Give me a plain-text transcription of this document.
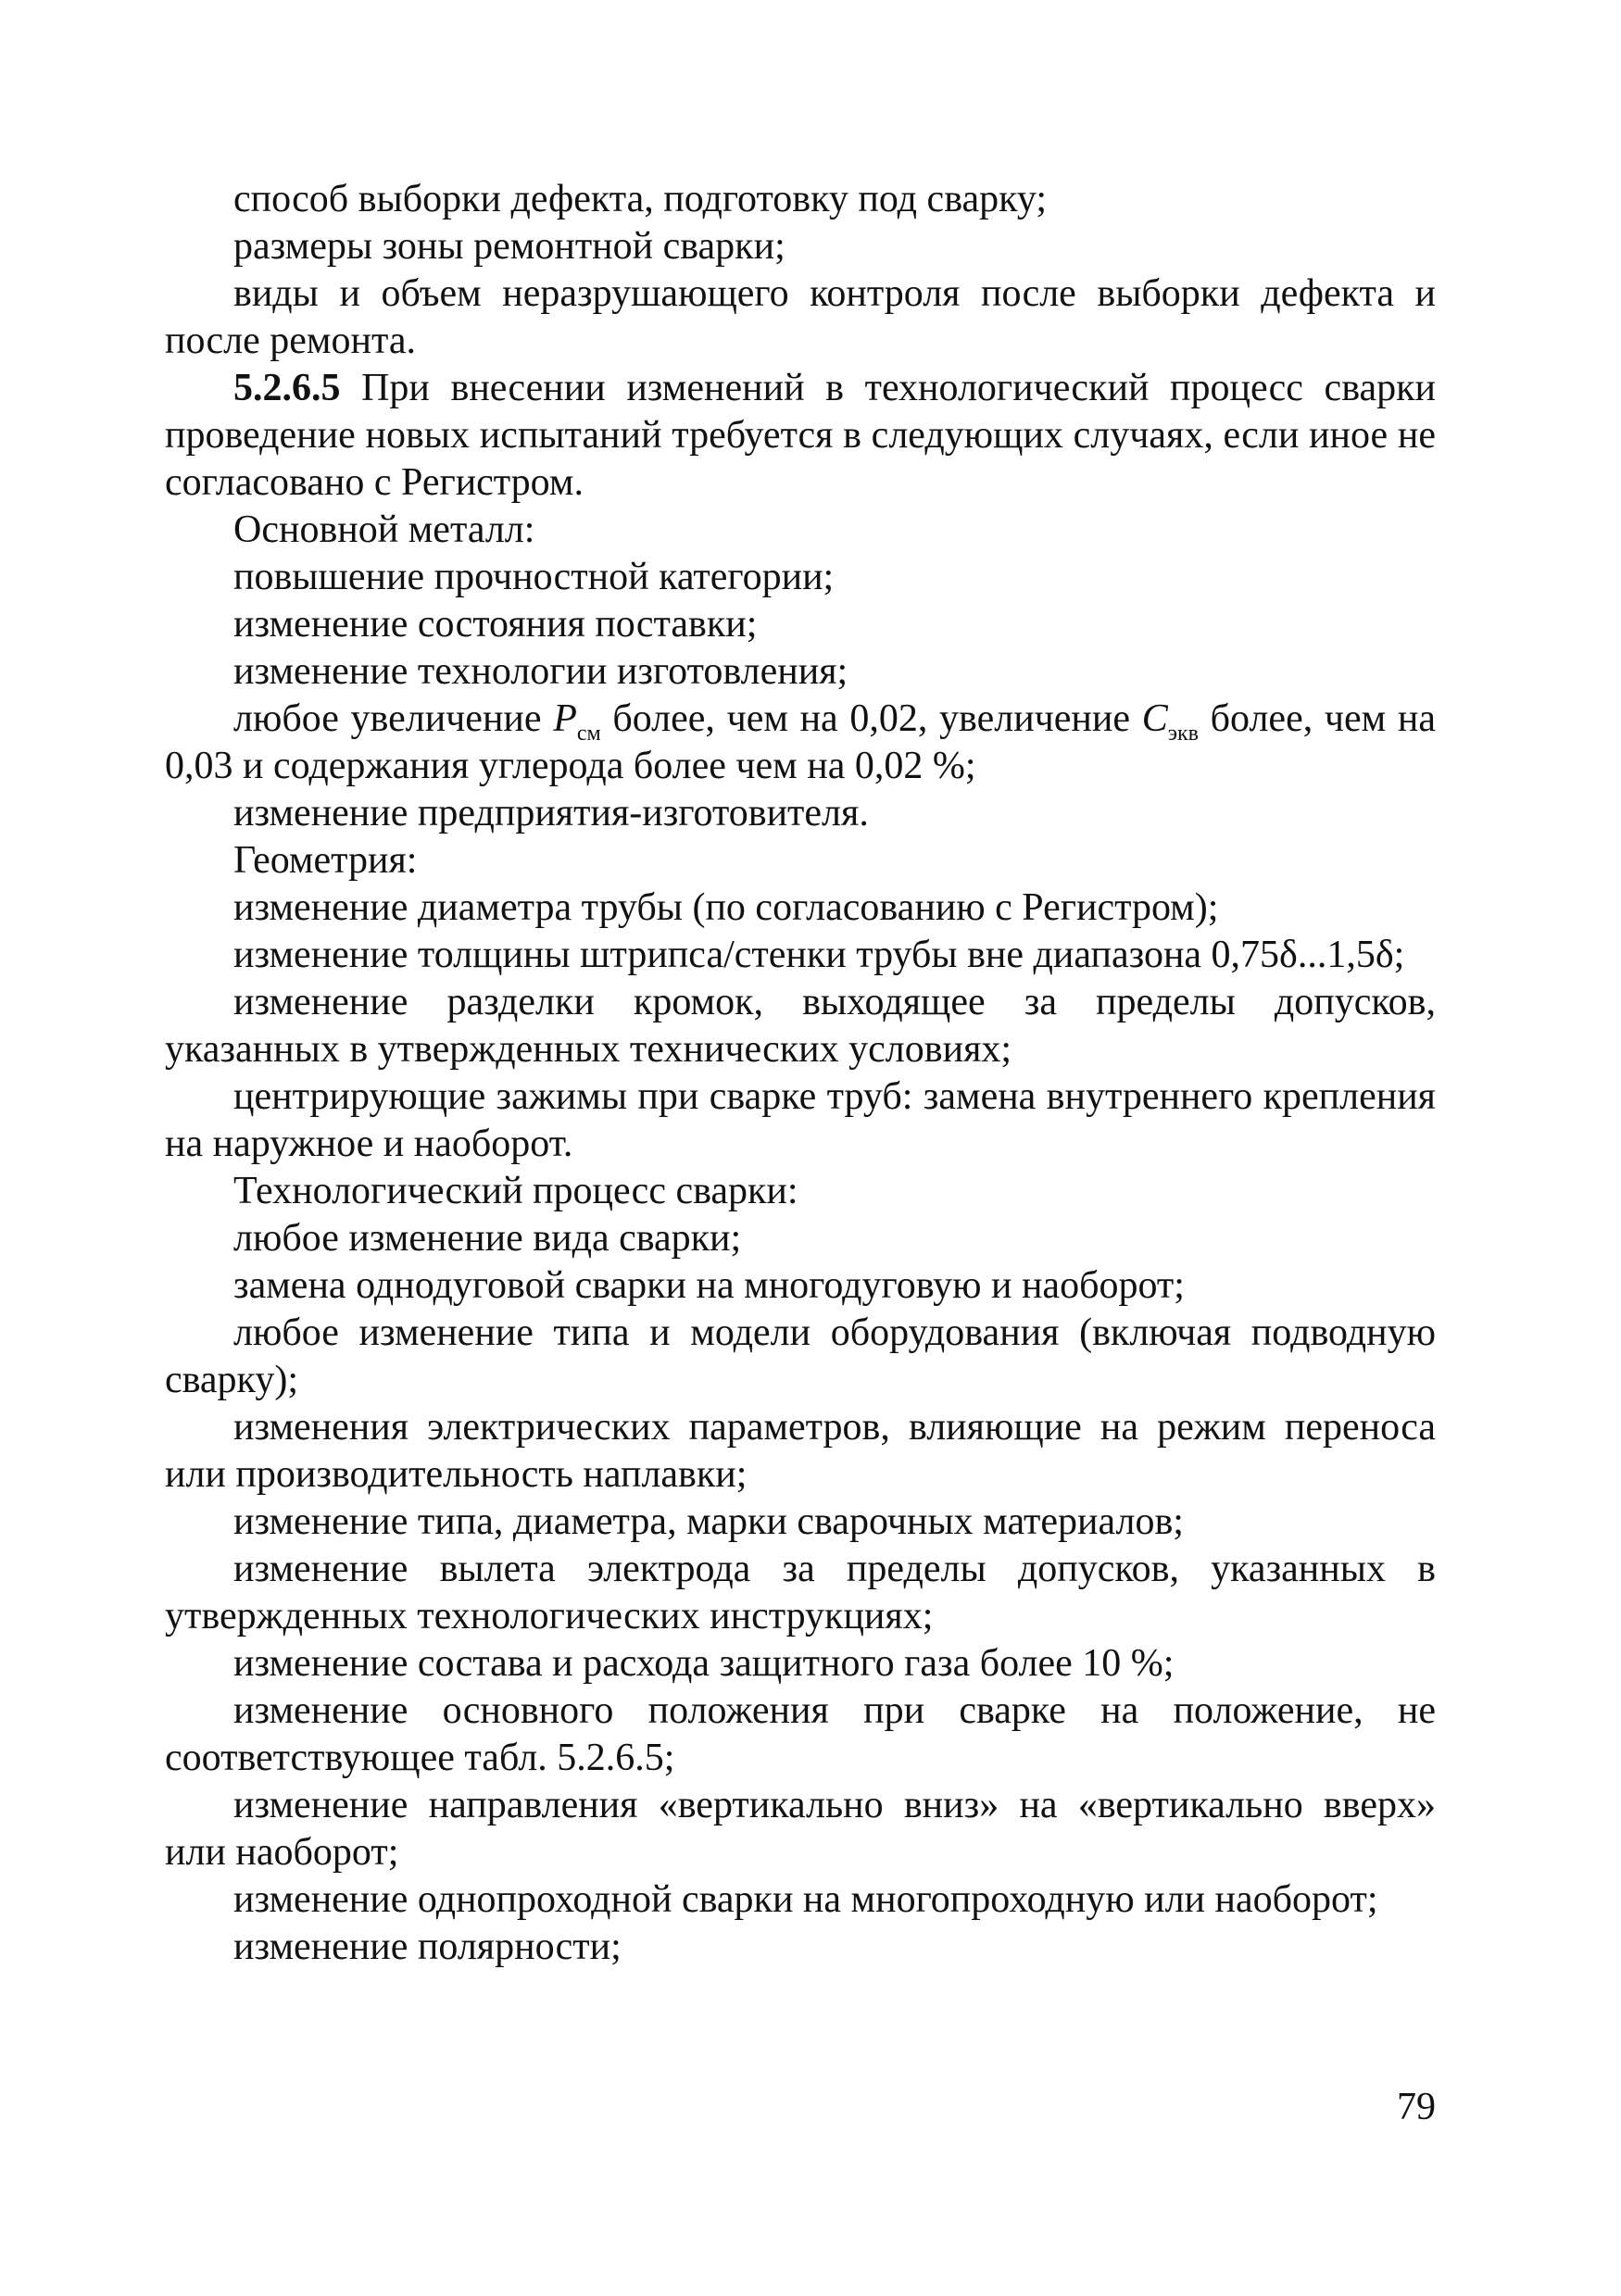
способ выборки дефекта, подготовку под сварку;

размеры зоны ремонтной сварки;

виды и объем неразрушающего контроля после выборки дефекта и после ремонта.

5.2.6.5 При внесении изменений в технологический процесс сварки проведение новых испытаний требуется в следующих случаях, если иное не согласовано с Регистром.

Основной металл:

повышение прочностной категории;

изменение состояния поставки;

изменение технологии изготовления;

любое увеличение $P_{см}$ более, чем на 0,02, увеличение $C_{экв}$ более, чем на 0,03 и содержания углерода более чем на 0,02 %;

изменение предприятия-изготовителя.

Геометрия:

изменение диаметра трубы (по согласованию с Регистром);

изменение толщины штрипса/стенки трубы вне диапазона 0,75δ...1,5δ;

изменение разделки кромок, выходящее за пределы допусков, указанных в утвержденных технических условиях;

центрирующие зажимы при сварке труб: замена внутреннего крепления на наружное и наоборот.

Технологический процесс сварки:

любое изменение вида сварки;

замена однодуговой сварки на многодуговую и наоборот;

любое изменение типа и модели оборудования (включая подводную сварку);

изменения электрических параметров, влияющие на режим переноса или производительность наплавки;

изменение типа, диаметра, марки сварочных материалов;

изменение вылета электрода за пределы допусков, указанных в утвержденных технологических инструкциях;

изменение состава и расхода защитного газа более 10 %;

изменение основного положения при сварке на положение, не соответствующее табл. 5.2.6.5;

изменение направления «вертикально вниз» на «вертикально вверх» или наоборот;

изменение однопроходной сварки на многопроходную или наоборот;

изменение полярности;

79
